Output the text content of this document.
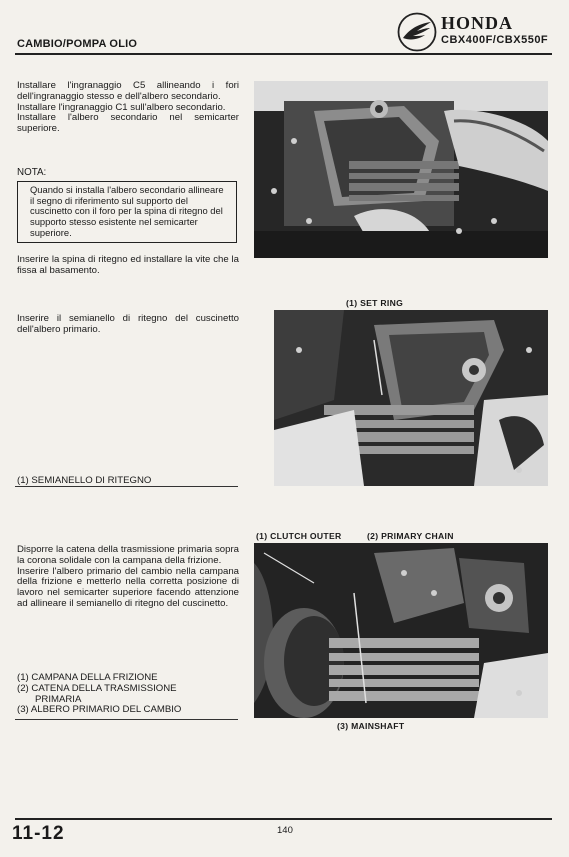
CAMBIO/POMPA OLIO
HONDA
CBX400F/CBX550F

Installare l'ingranaggio C5 allineando i fori dell'ingranaggio stesso e dell'albero secondario.

Installare l'ingranaggio C1 sull'albero secondario.

Installare l'albero secondario nel semicarter superiore.

NOTA:
Quando si installa l'albero secondario allineare il segno di riferimento sul supporto del cuscinetto con il foro per la spina di ritegno del supporto stesso esistente nel semicarter superiore.
Inserire la spina di ritegno ed installare la vite che la fissa al basamento.
Inserire il semianello di ritegno del cuscinetto dell'albero primario.
(1) SEMIANELLO DI RITEGNO
(1) SET RING

Disporre la catena della trasmissione primaria sopra la corona solidale con la campana della frizione.

Inserire l'albero primario del cambio nella campana della frizione e metterlo nella corretta posizione di lavoro nel semicarter superiore facendo attenzione ad allineare il semianello di ritegno del cuscinetto.

(1) CAMPANA DELLA FRIZIONE
(2) CATENA DELLA TRASMISSIONE
PRIMARIA
(3) ALBERO PRIMARIO DEL CAMBIO
(1) CLUTCH OUTER	(2) PRIMARY CHAIN
(3) MAINSHAFT
11-12	140
